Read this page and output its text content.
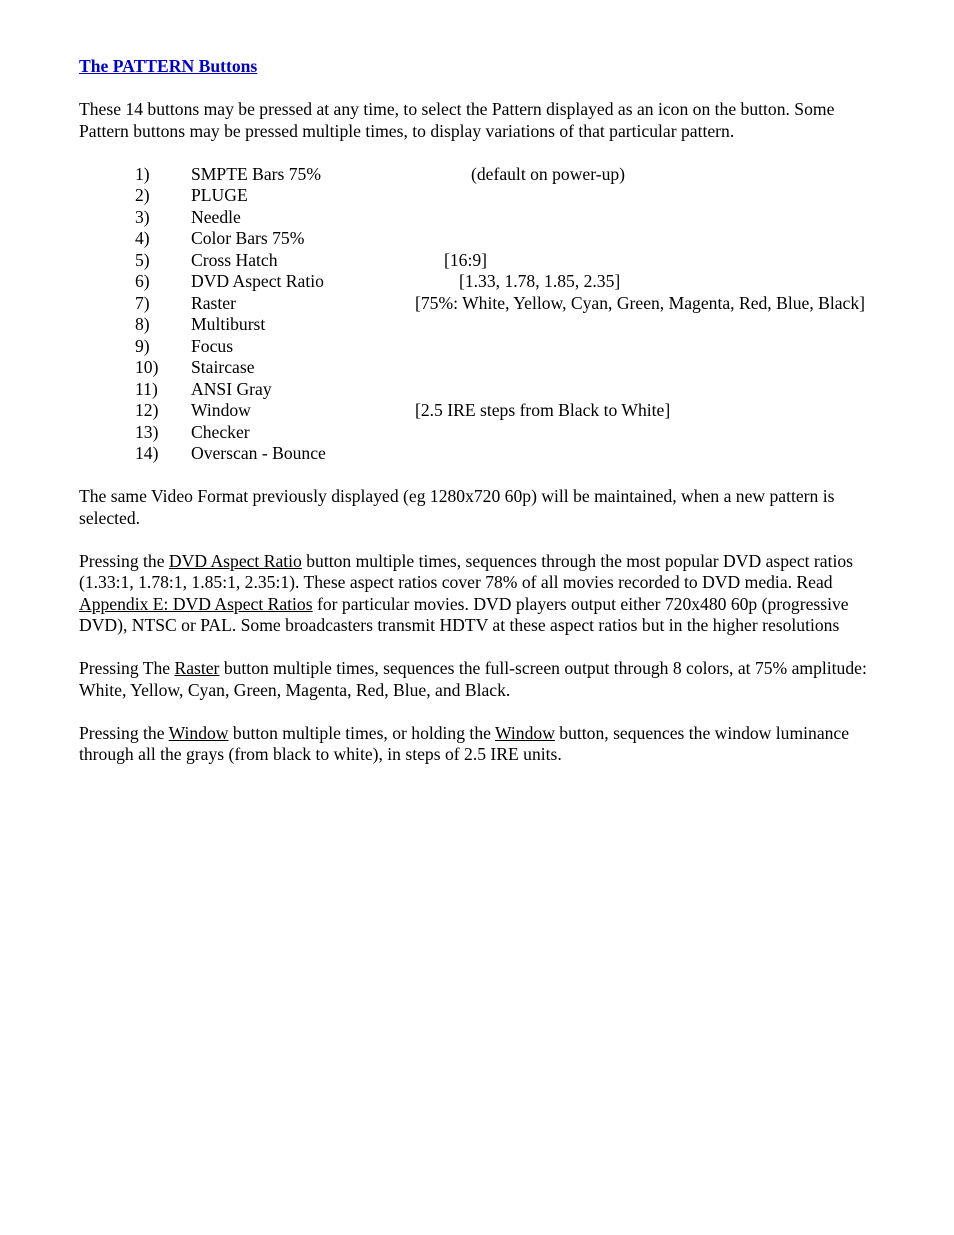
The PATTERN Buttons

These 14 buttons may be pressed at any time, to select the Pattern displayed as an icon on the button. Some Pattern buttons may be pressed multiple times, to display variations of that particular pattern.

1) SMPTE Bars 75%	(default on power-up)
2) PLUGE
3) Needle
4) Color Bars 75%
5) Cross Hatch	[16:9]
6) DVD Aspect Ratio	[1.33, 1.78, 1.85, 2.35]
7) Raster	[75%: White, Yellow, Cyan, Green, Magenta, Red, Blue, Black]
8) Multiburst
9) Focus
10) Staircase
11) ANSI Gray
12) Window	[2.5 IRE steps from Black to White]
13) Checker
14) Overscan - Bounce

The same Video Format previously displayed (eg 1280x720 60p) will be maintained, when a new pattern is selected.

Pressing the DVD Aspect Ratio button multiple times, sequences through the most popular DVD aspect ratios (1.33:1, 1.78:1, 1.85:1, 2.35:1). These aspect ratios cover 78% of all movies recorded to DVD media. Read Appendix E: DVD Aspect Ratios for particular movies. DVD players output either 720x480 60p (progressive DVD), NTSC or PAL. Some broadcasters transmit HDTV at these aspect ratios but in the higher resolutions

Pressing The Raster button multiple times, sequences the full-screen output through 8 colors, at 75% amplitude: White, Yellow, Cyan, Green, Magenta, Red, Blue, and Black.

Pressing the Window button multiple times, or holding the Window button, sequences the window luminance through all the grays (from black to white), in steps of 2.5 IRE units.
